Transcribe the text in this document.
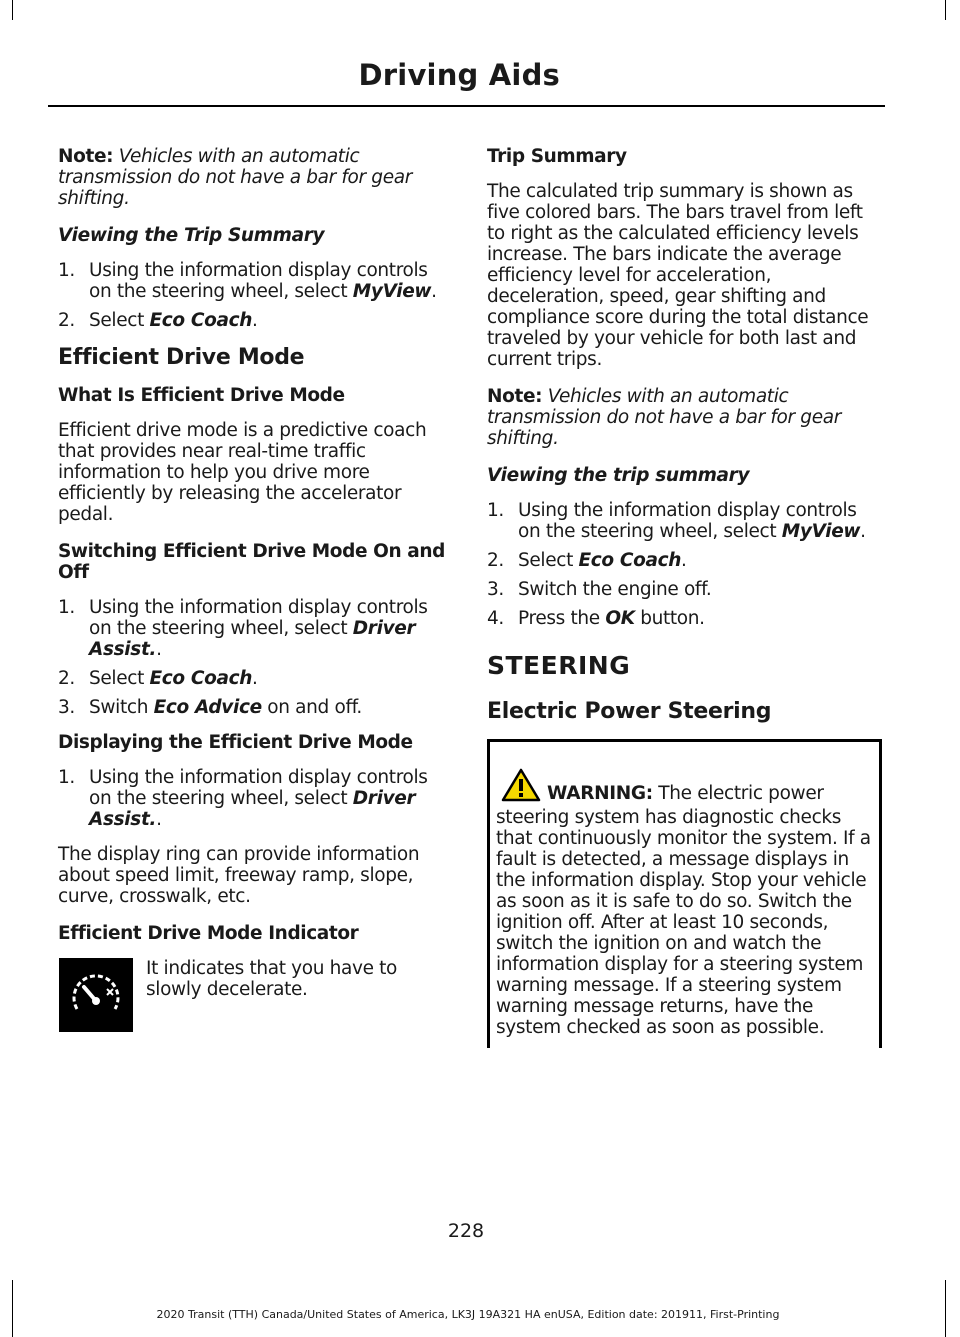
Driving Aids

Note: Vehicles with an automatic transmission do not have a bar for gear shifting.

Viewing the Trip Summary
1. Using the information display controls on the steering wheel, select MyView.
2. Select Eco Coach.
Efficient Drive Mode
What Is Efficient Drive Mode

Efficient drive mode is a predictive coach that provides near real-time traffic information to help you drive more efficiently by releasing the accelerator pedal.

Switching Efficient Drive Mode On and Off
1. Using the information display controls on the steering wheel, select Driver Assist..
2. Select Eco Coach.
3. Switch Eco Advice on and off.
Displaying the Efficient Drive Mode
1. Using the information display controls on the steering wheel, select Driver Assist..

The display ring can provide information about speed limit, freeway ramp, slope, curve, crosswalk, etc.

Efficient Drive Mode Indicator
It indicates that you have to slowly decelerate.
Trip Summary

The calculated trip summary is shown as five colored bars. The bars travel from left to right as the calculated efficiency levels increase. The bars indicate the average efficiency level for acceleration, deceleration, speed, gear shifting and compliance score during the total distance traveled by your vehicle for both last and current trips.

Note: Vehicles with an automatic transmission do not have a bar for gear shifting.

Viewing the trip summary
1. Using the information display controls on the steering wheel, select MyView.
2. Select Eco Coach.
3. Switch the engine off.
4. Press the OK button.
STEERING
Electric Power Steering
WARNING: The electric power steering system has diagnostic checks that continuously monitor the system. If a fault is detected, a message displays in the information display. Stop your vehicle as soon as it is safe to do so. Switch the ignition off. After at least 10 seconds, switch the ignition on and watch the information display for a steering system warning message. If a steering system warning message returns, have the system checked as soon as possible.
228
2020 Transit (TTH) Canada/United States of America, LK3J 19A321 HA enUSA, Edition date: 201911, First-Printing
